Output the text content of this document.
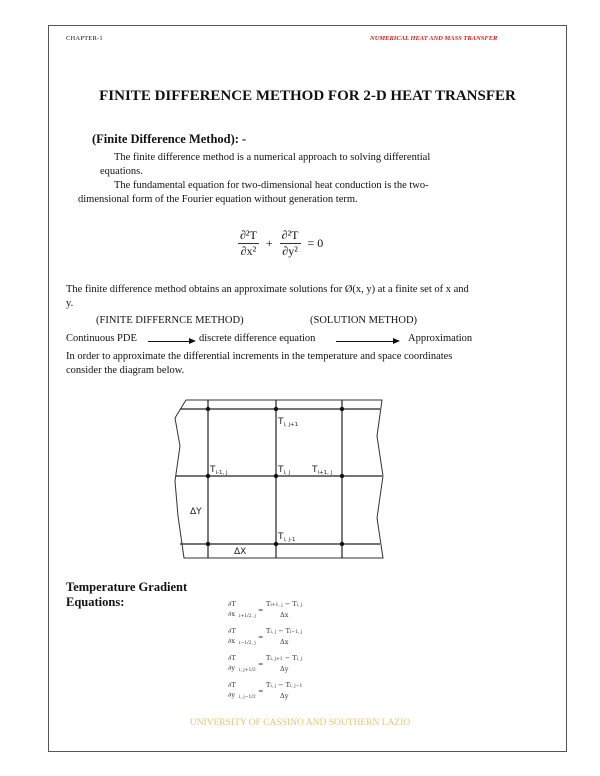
CHAPTER-1	NUMERICAL HEAT AND MASS TRANSFER
FINITE DIFFERENCE METHOD FOR 2-D HEAT TRANSFER
(Finite Difference Method): -
The finite difference method is a numerical approach to solving differential
equations.
The fundamental equation for two-dimensional heat conduction is the two-
dimensional form of the Fourier equation without generation term.
$\frac{\text{∂²T}}{\text{∂x²}} + \frac{\text{∂²T}}{\text{∂y²}} = 0$
The finite difference method obtains an approximate solutions for Ø(x, y) at a finite set of x and
y.
(FINITE DIFFERNCE METHOD)	(SOLUTION METHOD)
Continuous PDE	discrete difference equation	Approximation
In order to approximate the differential increments in the temperature and space coordinates
consider the diagram below.
$T_{i, j+1}$
$T_{i-1, j}$	$T_{i, j}$ $T_{i+1, j}$
$T_{i, j-1}$
ΔY
ΔX
Temperature Gradient
Equations:	∂T
∂x i+1/2, j
≈
Ti+1, j − Ti, j
Δx
∂T
∂x i−1/2, j
≈
Ti, j − Ti−1, j
Δx
∂T
∂y i, j+1/2
≈
Ti, j+1 − Ti, j
Δy
∂T
∂y i, j−1/2
≈
Ti, j − Ti, j−1
Δy
UNIVERSITY OF CASSINO AND SOUTHERN LAZIO
